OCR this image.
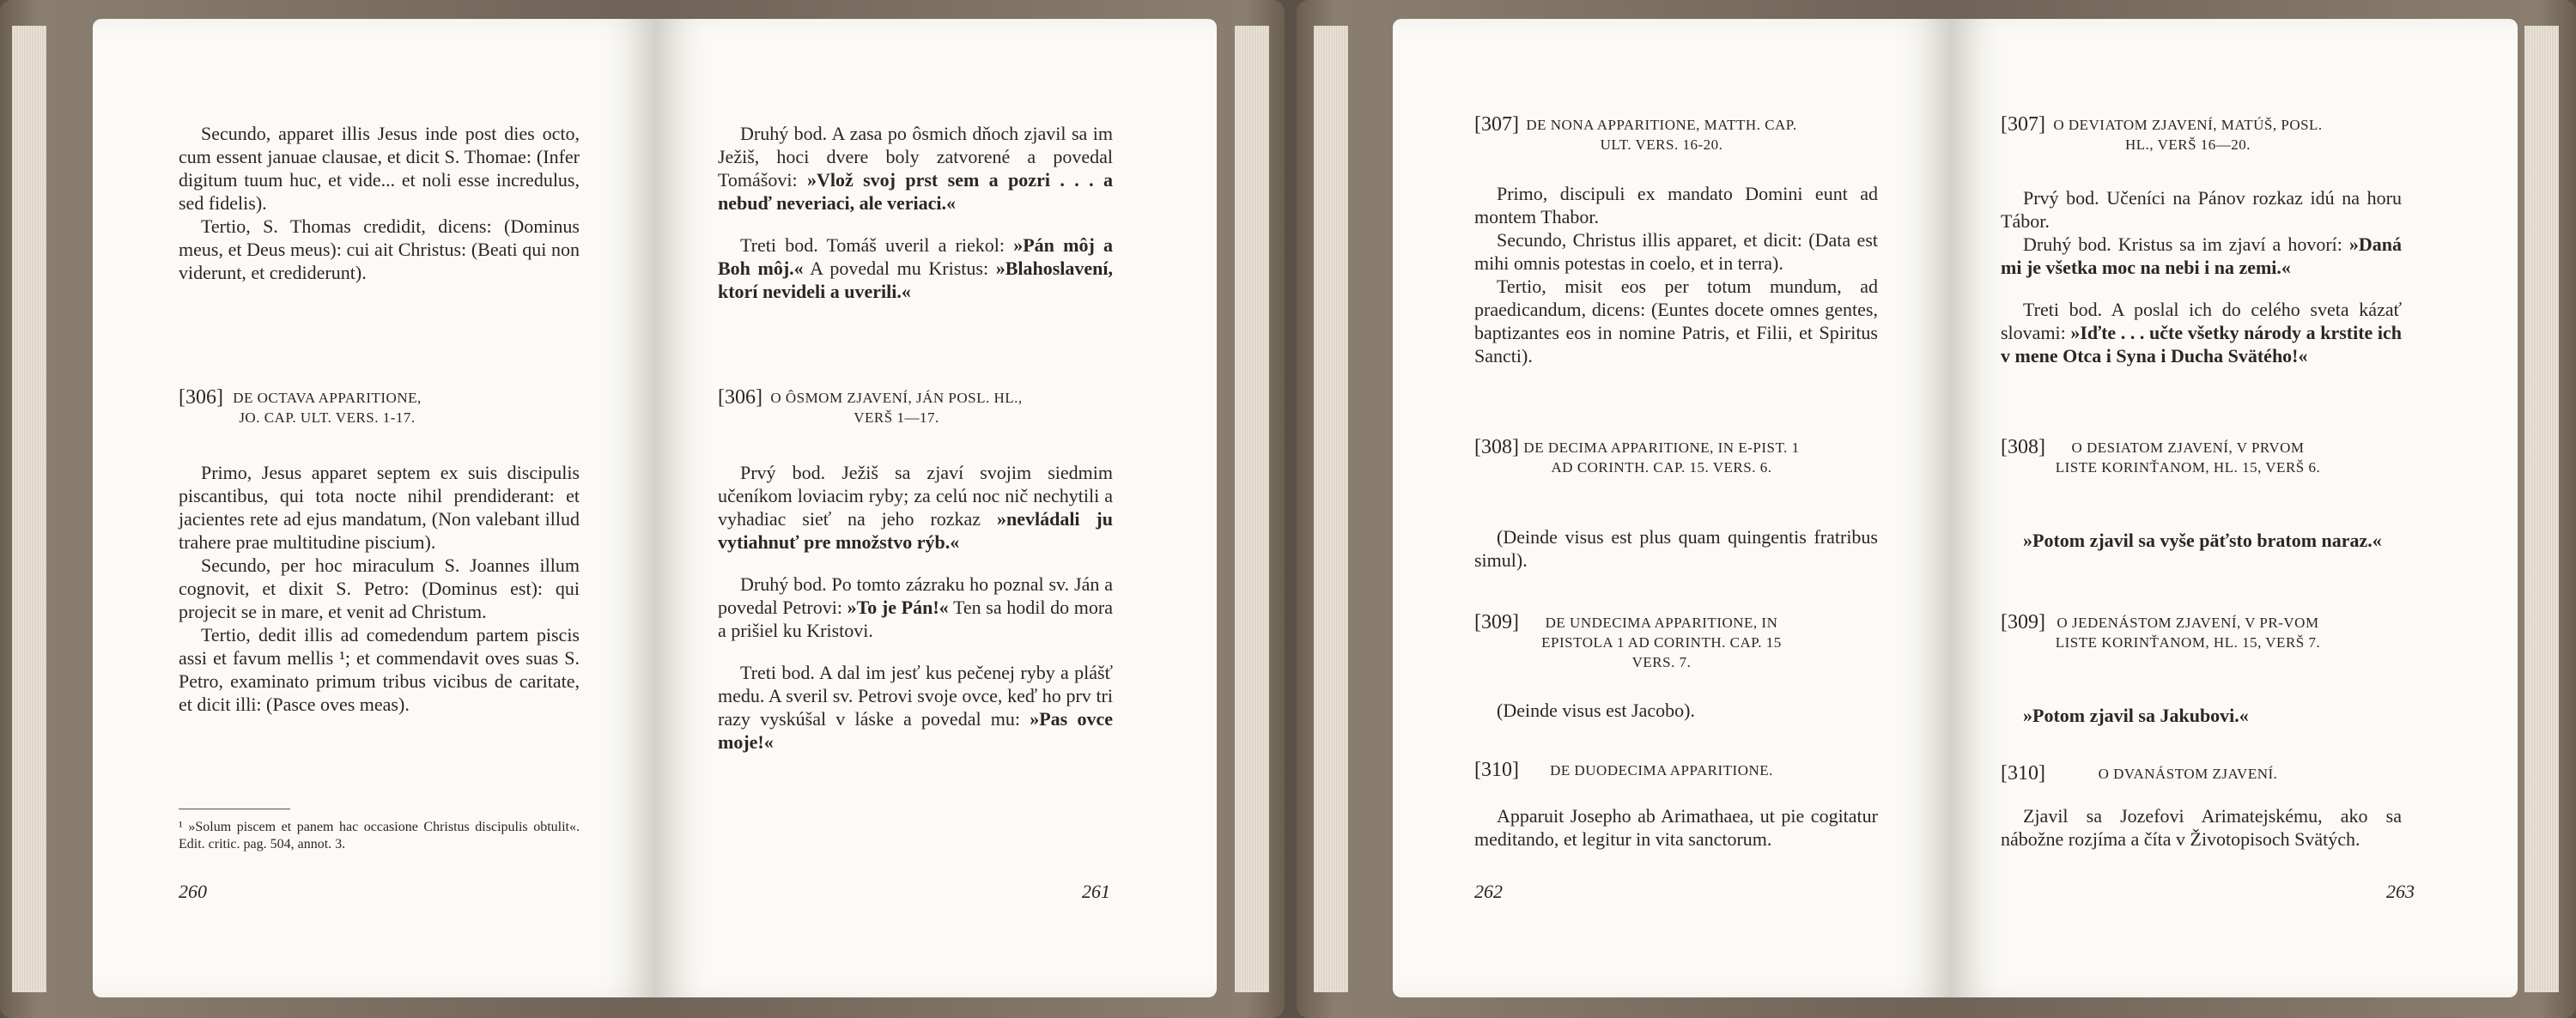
Secundo, apparet illis Jesus inde post dies octo, cum essent januae clausae, et dicit S. Thomae: (Infer digitum tuum huc, et vide... et noli esse incredulus, sed fidelis).

Tertio, S. Thomas credidit, dicens: (Dominus meus, et Deus meus): cui ait Christus: (Beati qui non viderunt, et crediderunt).

[306] DE OCTAVA APPARITIONE, JO. CAP. ULT. VERS. 1-17.

Primo, Jesus apparet septem ex suis discipulis piscantibus, qui tota nocte nihil prendiderant: et jacientes rete ad ejus mandatum, (Non valebant illud trahere prae multitudine piscium).

Secundo, per hoc miraculum S. Joannes illum cognovit, et dixit S. Petro: (Dominus est): qui projecit se in mare, et venit ad Christum.

Tertio, dedit illis ad comedendum partem piscis assi et favum mellis ¹; et commendavit oves suas S. Petro, examinato primum tribus vicibus de caritate, et dicit illi: (Pasce oves meas).

¹ »Solum piscem et panem hac occasione Christus discipulis obtulit«. Edit. critic. pag. 504, annot. 3.
260

Druhý bod. A zasa po ôsmich dňoch zjavil sa im Ježiš, hoci dvere boly zatvorené a povedal Tomášovi: »Vlož svoj prst sem a pozri . . . a nebuď neveriaci, ale veriaci.«

Treti bod. Tomáš uveril a riekol: »Pán môj a Boh môj.« A povedal mu Kristus: »Blahoslavení, ktorí nevideli a uverili.«

[306] O ÔSMOM ZJAVENÍ, JÁN POSL. HL., VERŠ 1—17.

Prvý bod. Ježiš sa zjaví svojim siedmim učeníkom loviacim ryby; za celú noc nič nechytili a vyhadiac sieť na jeho rozkaz »nevládali ju vytiahnuť pre množstvo rýb.«

Druhý bod. Po tomto zázraku ho poznal sv. Ján a povedal Petrovi: »To je Pán!« Ten sa hodil do mora a prišiel ku Kristovi.

Treti bod. A dal im jesť kus pečenej ryby a plášť medu. A sveril sv. Petrovi svoje ovce, keď ho prv tri razy vyskúšal v láske a povedal mu: »Pas ovce moje!«

261
[307] DE NONA APPARITIONE, MATTH. CAP. ULT. VERS. 16-20.

Primo, discipuli ex mandato Domini eunt ad montem Thabor.

Secundo, Christus illis apparet, et dicit: (Data est mihi omnis potestas in coelo, et in terra).

Tertio, misit eos per totum mundum, ad praedicandum, dicens: (Euntes docete omnes gentes, baptizantes eos in nomine Patris, et Filii, et Spiritus Sancti).

[308] DE DECIMA APPARITIONE, IN E-PIST. 1 AD CORINTH. CAP. 15. VERS. 6.

(Deinde visus est plus quam quingentis fratribus simul).

[309]	DE UNDECIMA APPARITIONE, IN EPISTOLA 1 AD CORINTH. CAP. 15 VERS. 7.

(Deinde visus est Jacobo).

[310]	DE DUODECIMA APPARITIONE.

Apparuit Josepho ab Arimathaea, ut pie cogitatur meditando, et legitur in vita sanctorum.

262
[307] O DEVIATOM ZJAVENÍ, MATÚŠ, POSL. HL., VERŠ 16—20.

Prvý bod. Učeníci na Pánov rozkaz idú na horu Tábor.

Druhý bod. Kristus sa im zjaví a hovorí: »Daná mi je všetka moc na nebi i na zemi.«

Treti bod. A poslal ich do celého sveta kázať slovami: »Iďte . . . učte všetky národy a krstite ich v mene Otca i Syna i Ducha Svätého!«

[308]	O DESIATOM ZJAVENÍ, V PRVOM LISTE KORINŤANOM, HL. 15, VERŠ 6.

»Potom zjavil sa vyše päťsto bratom naraz.«

[309] O JEDENÁSTOM ZJAVENÍ, V PR-VOM LISTE KORINŤANOM, HL. 15, VERŠ 7.

»Potom zjavil sa Jakubovi.«

[310]	O DVANÁSTOM ZJAVENÍ.

Zjavil sa Jozefovi Arimatejskému, ako sa nábožne rozjíma a číta v Životopisoch Svätých.

263
